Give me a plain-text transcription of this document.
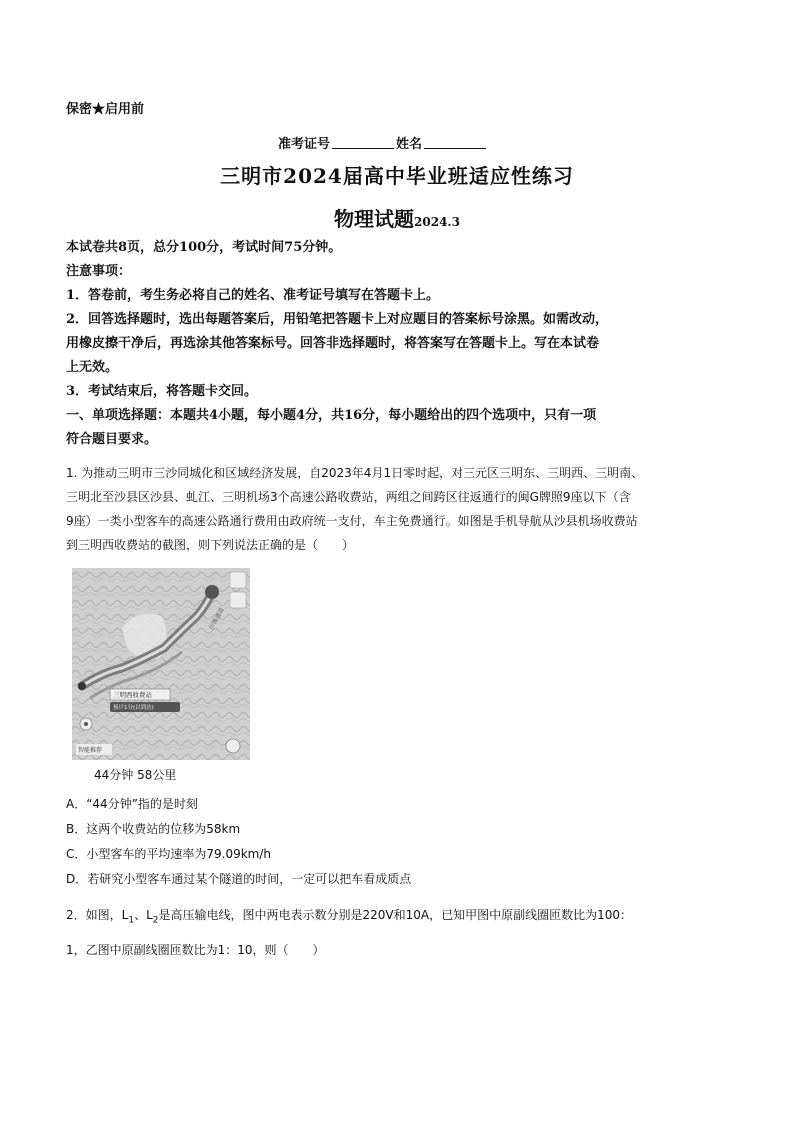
保密★启用前
准考证号	姓名
三明市2024届高中毕业班适应性练习
物理试题2024.3
本试卷共8页，总分100分，考试时间75分钟。
注意事项：
1．答卷前，考生务必将自己的姓名、准考证号填写在答题卡上。
2．回答选择题时，选出每题答案后，用铅笔把答题卡上对应题目的答案标号涂黑。如需改动，
用橡皮擦干净后，再选涂其他答案标号。回答非选择题时，将答案写在答题卡上。写在本试卷
上无效。
3．考试结束后，将答题卡交回。
一、单项选择题：本题共4小题，每小题4分，共16分，每小题给出的四个选项中，只有一项
符合题目要求。
1. 为推动三明市三沙同城化和区域经济发展，自2023年4月1日零时起，对三元区三明东、三明西、三明南、
三明北至沙县区沙县、虬江、三明机场3个高速公路收费站，两组之间跨区往返通行的闽G牌照9座以下（含
9座）一类小型客车的高速公路通行费用由政府统一支付，车主免费通行。如图是手机导航从沙县机场收费站
到三明西收费站的截图，则下列说法正确的是（　　）
三明西收费站
预计1分(以到达)
沙溪通道
智能推荐
44分钟 58公里
A．“44分钟”指的是时刻
B．这两个收费站的位移为58km
C．小型客车的平均速率为79.09km/h
D．若研究小型客车通过某个隧道的时间，一定可以把车看成质点
2．如图，$L_1$、$L_2$是高压输电线，图中两电表示数分别是220V和10A，已知甲图中原副线圈匝数比为100：
1，乙图中原副线圈匝数比为1：10，则（　　）
